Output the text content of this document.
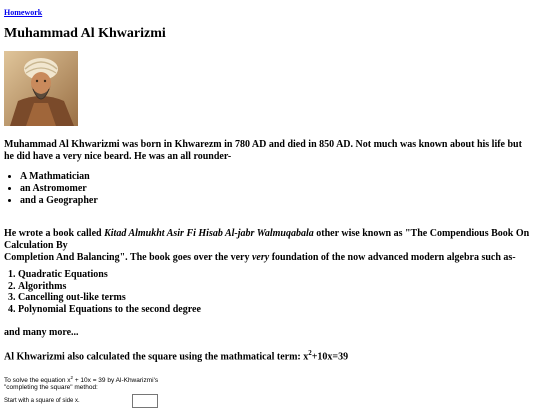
Homework
Muhammad Al Khwarizmi

Muhammad Al Khwarizmi was born in Khwarezm in 780 AD and died in 850 AD. Not much was known about his life but he did have a very nice beard. He was an all rounder-

• A Mathmatician
• an Astromomer
• and a Geographer

He wrote a book called Kitad Almukht Asir Fi Hisab Al-jabr Walmuqabala other wise known as "The Compendious Book On Calculation By
Completion And Balancing". The book goes over the very very foundation of the now advanced modern algebra such as-

1. Quadratic Equations
2. Algorithms
3. Cancelling out-like terms
4. Polynomial Equations to the second degree

and many more...

Al Khwarizmi also calculated the square using the mathmatical term: $x^2+10x=39$

To solve the equation $x^2 + 10x = 39$ by Al-Khwarizmi's
"completing the square" method:

Start with a square of side x.
